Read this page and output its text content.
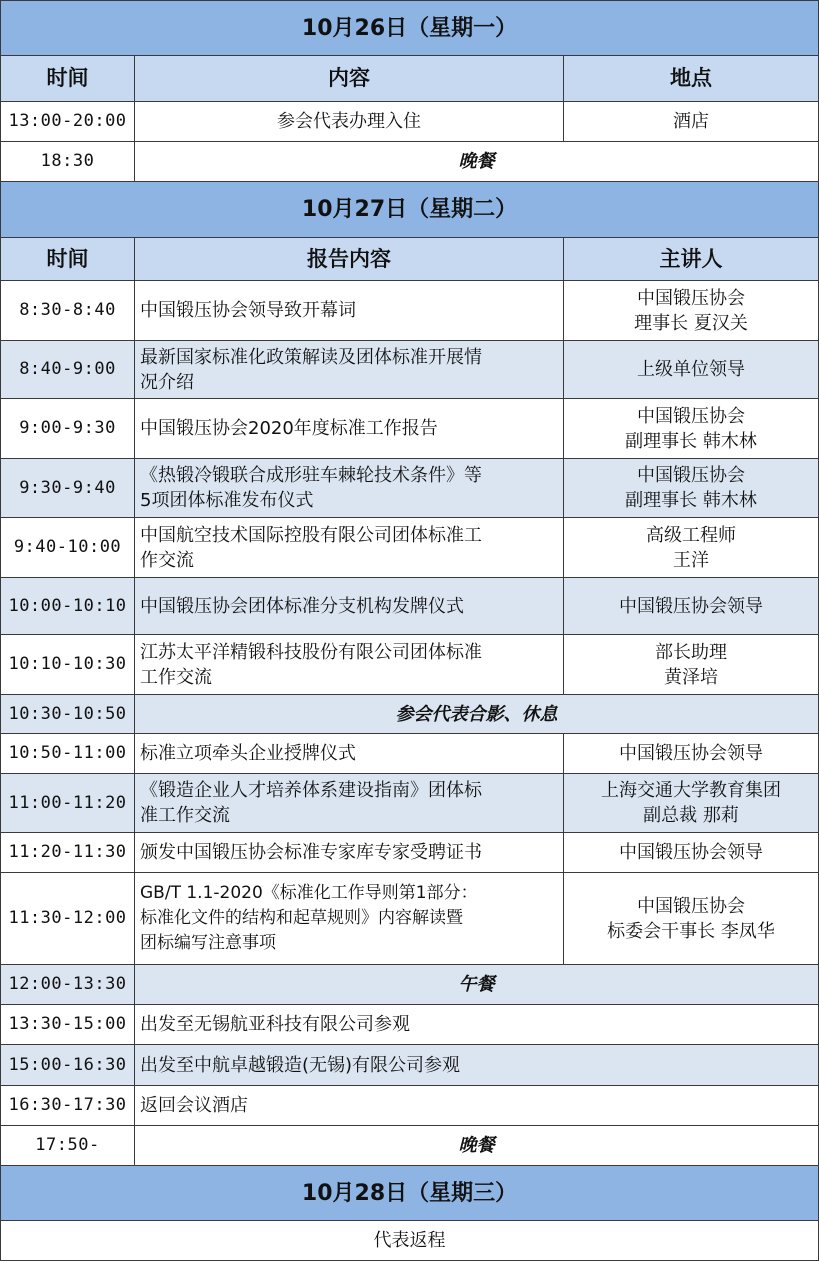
10月26日（星期一）		
时间	内容	地点
13:00-20:00	参会代表办理入住	酒店
18:30	晚餐	
10月27日（星期二）		
时间	报告内容	主讲人
8:30-8:40	中国锻压协会领导致开幕词	中国锻压协会
理事长 夏汉关

8:40-9:00	最新国家标准化政策解读及团体标准开展情
况介绍	上级单位领导

9:00-9:30	中国锻压协会2020年度标准工作报告	中国锻压协会
副理事长 韩木林

9:30-9:40	《热锻冷锻联合成形驻车棘轮技术条件》等
5项团体标准发布仪式	中国锻压协会
副理事长 韩木林

9:40-10:00	中国航空技术国际控股有限公司团体标准工
作交流	高级工程师
王洋

10:00-10:10	中国锻压协会团体标准分支机构发牌仪式	中国锻压协会领导

10:10-10:30	江苏太平洋精锻科技股份有限公司团体标准
工作交流	部长助理
黄泽培

10:30-10:50	参会代表合影、休息	
10:50-11:00	标准立项牵头企业授牌仪式	中国锻压协会领导

11:00-11:20	《锻造企业人才培养体系建设指南》团体标
准工作交流	上海交通大学教育集团
副总裁 那莉

11:20-11:30	颁发中国锻压协会标准专家库专家受聘证书	中国锻压协会领导

11:30-12:00	GB/T 1.1-2020《标准化工作导则第1部分：
标准化文件的结构和起草规则》内容解读暨
团标编写注意事项	中国锻压协会
标委会干事长 李凤华

12:00-13:30	午餐	
13:30-15:00	出发至无锡航亚科技有限公司参观	
15:00-16:30	出发至中航卓越锻造(无锡)有限公司参观	
16:30-17:30	返回会议酒店	
17:50-	晚餐	
10月28日（星期三）		
代表返程		
